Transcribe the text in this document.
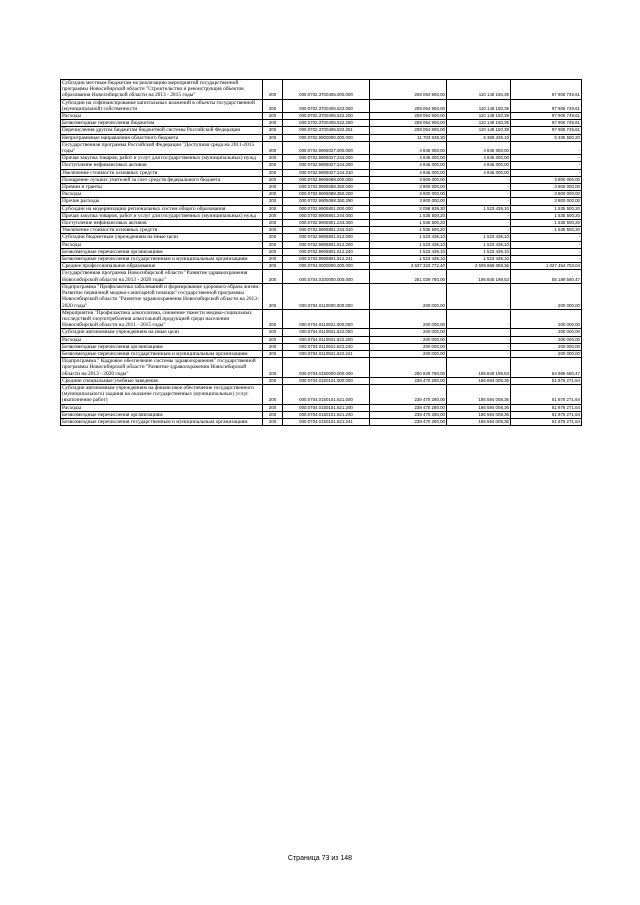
Субсидии местным бюджетам на реализацию мероприятий государственной программы Новосибирской области "Строительство и реконструкция объектов образования Новосибирской области на 2013 - 2015 годы"	200	000.0702.3700405.000.000	208 054 900,00	110 149 150,39	97 905 749,61
Субсидии на софинансирование капитальных вложений в объекты государственной (муниципальной) собственности	200	000.0702.3700405.522.000	208 054 900,00	110 149 150,39	97 905 749,61
Расходы	200	000.0702.3700405.522.200	208 054 900,00	110 149 150,39	97 905 749,61
Безвозмездные перечисления бюджетам	200	000.0702.3700405.522.250	208 054 900,00	110 149 150,39	97 905 749,61
Перечисления другим бюджетам бюджетной системы Российской Федерации	200	000.0702.3700405.522.251	208 054 900,00	110 149 150,39	97 905 749,61
Непрограммные направления областного бюджета	200	000.0702.9900000.000.000	11 703 939,30	6 368 439,10	5 335 500,20
Государственная программа Российской Федерации "Доступная среда на 2011-2015 годы"	200	000.0702.9905027.000.000	4 845 000,00	4 845 000,00	-
Прочая закупка товаров, работ и услуг для государственных (муниципальных) нужд	200	000.0702.9905027.244.000	4 845 000,00	4 845 000,00	-
Поступление нефинансовых активов	200	000.0702.9905027.244.300	4 845 000,00	4 845 000,00	-
Увеличение стоимости основных средств	200	000.0702.9905027.244.310	4 845 000,00	4 845 000,00	-
Поощрение лучших учителей за счет средств федерального бюджета	200	000.0702.9905088.000.000	3 800 000,00	-	3 800 000,00
Премии и гранты	200	000.0702.9905088.350.000	3 800 000,00	-	3 800 000,00
Расходы	200	000.0702.9905088.350.200	3 800 000,00	-	3 800 000,00
Прочие расходы	200	000.0702.9905088.350.290	3 800 000,00	-	3 800 000,00
Субсидии на модернизацию региональных систем общего образования	200	000.0702.9905801.000.000	3 058 939,30	1 523 439,10	1 535 500,20
Прочая закупка товаров, работ и услуг для государственных (муниципальных) нужд	200	000.0702.9905801.244.000	1 535 500,20	-	1 535 500,20
Поступление нефинансовых активов	200	000.0702.9905801.244.300	1 535 500,20	-	1 535 500,20
Увеличение стоимости основных средств	200	000.0702.9905801.244.310	1 535 500,20	-	1 535 500,20
Субсидии бюджетным учреждениям на иные цели	200	000.0702.9905801.612.000	1 523 439,10	1 523 439,10	-
Расходы	200	000.0702.9905801.612.200	1 523 439,10	1 523 439,10	-
Безвозмездные перечисления организациям	200	000.0702.9905801.612.240	1 523 439,10	1 523 439,10	-
Безвозмездные перечисления государственным и муниципальным организациям	200	000.0702.9905801.612.241	1 523 439,10	1 523 439,10	-
Среднее профессиональное образование	200	000.0704.0000000.000.000	3 537 323 772,40	2 509 869 069,36	1 027 454 703,04
Государственная программа Новосибирской области "Развитие здравоохранения Новосибирской области на 2013 - 2020 годы"	200	000.0704.0100000.000.000	251 029 780,00	195 840 199,53	55 189 580,47
Подпрограмма "Профилактика заболеваний и формирование здорового образа жизни. Развитие первичной медико-санитарной помощи" государственной программы Новосибирской области "Развитие здравоохранения Новосибирской области на 2013-2020 годы"	200	000.0704.0110000.000.000	200 000,00	-	200 000,00
Мероприятия "Профилактика алкоголизма, снижение тяжести медико-социальных последствий злоупотребления алкогольной продукцией среди населения Новосибирской области на 2011 - 2015 годы"	200	000.0704.0110921.000.000	200 000,00	-	200 000,00
Субсидии автономным учреждениям на иные цели	200	000.0704.0110921.622.000	200 000,00	-	200 000,00
Расходы	200	000.0704.0110921.622.200	200 000,00	-	200 000,00
Безвозмездные перечисления организациям	200	000.0704.0110921.622.240	200 000,00	-	200 000,00
Безвозмездные перечисления государственным и муниципальным организациям	200	000.0704.0110921.622.241	200 000,00	-	200 000,00
Подпрограмма " Кадровое обеспечение системы здравоохранения" государственной программы Новосибирской области "Развитие здравоохранения Новосибирской области на 2013 - 2020 годы"	200	000.0704.0150000.000.000	250 829 780,00	195 840 199,53	54 989 580,47
Средние специальные учебные заведения	200	000.0704.0150101.000.000	238 470 280,00	186 594 008,36	51 876 271,64
Субсидии автономным учреждениям на финансовое обеспечение государственного (муниципального) задания на оказание государственных (муниципальных) услуг (выполнение работ)	200	000.0704.0150101.621.000	238 470 280,00	186 594 008,36	51 876 271,64
Расходы	200	000.0704.0150101.621.200	238 470 280,00	186 594 008,36	51 876 271,64
Безвозмездные перечисления организациям	200	000.0704.0150101.621.240	238 470 280,00	186 594 008,36	51 876 271,64
Безвозмездные перечисления государственным и муниципальным организациям	200	000.0704.0150101.621.241	238 470 280,00	186 594 008,36	51 876 271,64
Страница 73 из 148
